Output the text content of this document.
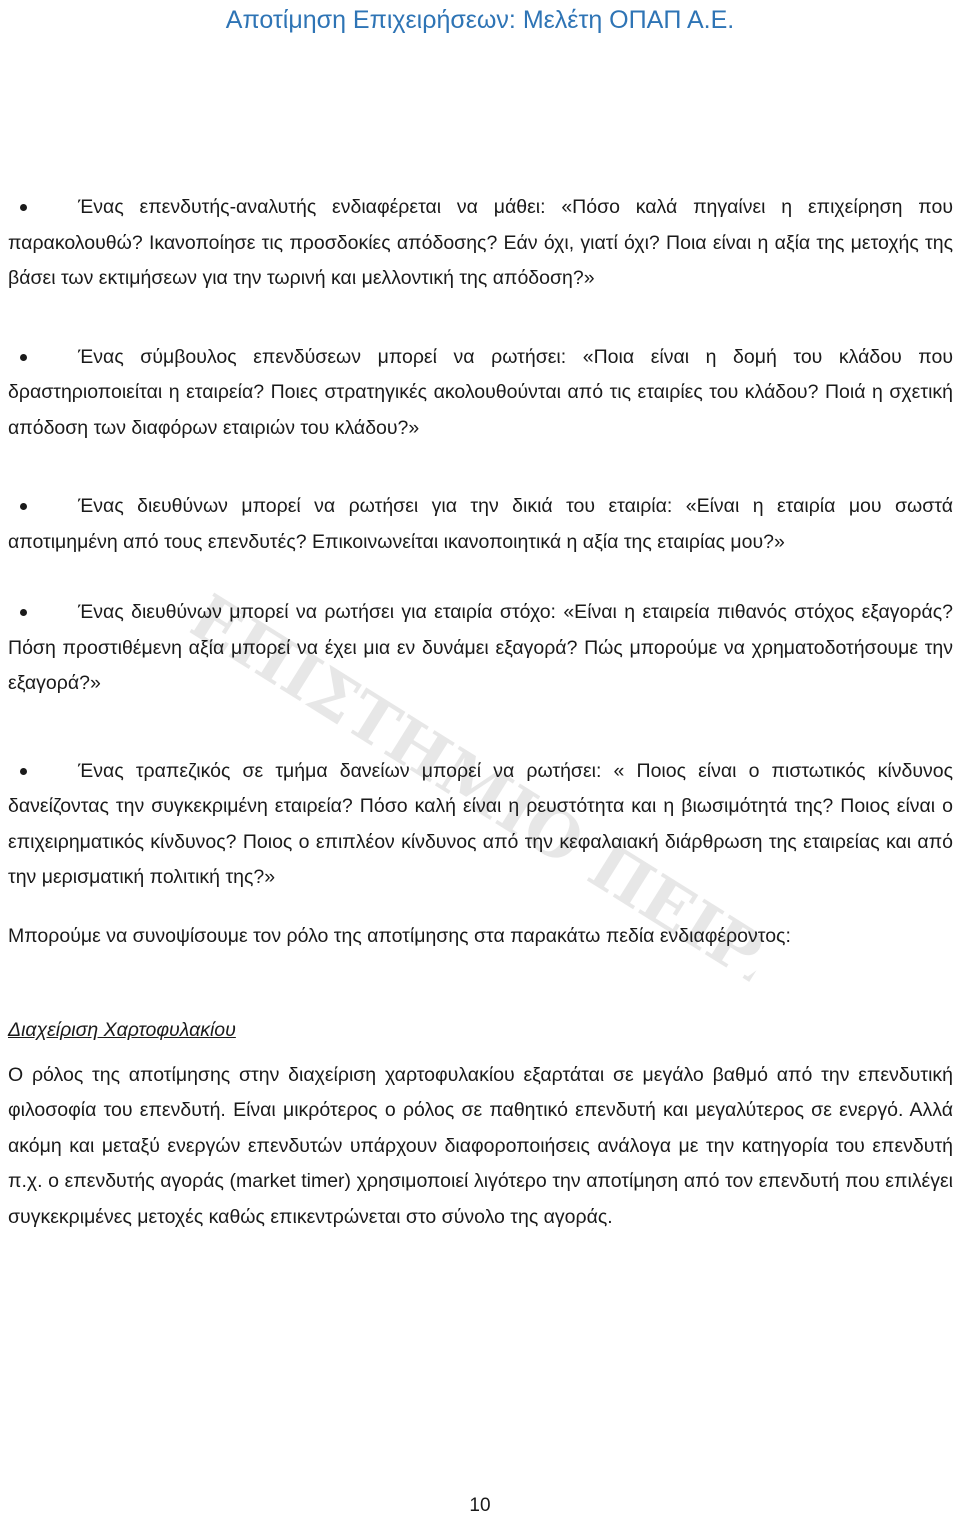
Αποτίμηση Επιχειρήσεων: Μελέτη ΟΠΑΠ Α.Ε.
ΠΑΝΕΠΙΣΤΗΜΙΟ ΠΕΙΡΑΙΩΣ

Ένας επενδυτής-αναλυτής ενδιαφέρεται να μάθει: «Πόσο καλά πηγαίνει η επιχείρηση που παρακολουθώ? Ικανοποίησε τις προσδοκίες απόδοσης? Εάν όχι, γιατί όχι? Ποια είναι η αξία της μετοχής της βάσει των εκτιμήσεων για την τωρινή και μελλοντική της απόδοση?»

Ένας σύμβουλος επενδύσεων μπορεί να ρωτήσει: «Ποια είναι η δομή του κλάδου που δραστηριοποιείται η εταιρεία? Ποιες στρατηγικές ακολουθούνται από τις εταιρίες του κλάδου? Ποιά η σχετική απόδοση των διαφόρων εταιριών του κλάδου?»

Ένας διευθύνων μπορεί να ρωτήσει για την δικιά του εταιρία: «Είναι η εταιρία μου σωστά αποτιμημένη από τους επενδυτές? Επικοινωνείται ικανοποιητικά η αξία της εταιρίας μου?»

Ένας διευθύνων μπορεί να ρωτήσει για εταιρία στόχο: «Είναι η εταιρεία πιθανός στόχος εξαγοράς? Πόση προστιθέμενη αξία μπορεί να έχει μια εν δυνάμει εξαγορά? Πώς μπορούμε να χρηματοδοτήσουμε την εξαγορά?»

Ένας τραπεζικός σε τμήμα δανείων μπορεί να ρωτήσει: « Ποιος είναι ο πιστωτικός κίνδυνος δανείζοντας την συγκεκριμένη εταιρεία? Πόσο καλή είναι η ρευστότητα και η βιωσιμότητά της? Ποιος είναι ο επιχειρηματικός κίνδυνος? Ποιος ο επιπλέον κίνδυνος από την κεφαλαιακή διάρθρωση της εταιρείας και από την μερισματική πολιτική της?»

Μπορούμε να συνοψίσουμε τον ρόλο της αποτίμησης στα παρακάτω πεδία ενδιαφέροντος:

Διαχείριση Χαρτοφυλακίου

Ο ρόλος της αποτίμησης στην διαχείριση χαρτοφυλακίου εξαρτάται σε μεγάλο βαθμό από την επενδυτική φιλοσοφία του επενδυτή. Είναι μικρότερος ο ρόλος σε παθητικό επενδυτή και μεγαλύτερος σε ενεργό. Αλλά ακόμη και μεταξύ ενεργών επενδυτών υπάρχουν διαφοροποιήσεις ανάλογα με την κατηγορία του επενδυτή π.χ. ο επενδυτής αγοράς (market timer) χρησιμοποιεί λιγότερο την αποτίμηση από τον επενδυτή που επιλέγει συγκεκριμένες μετοχές καθώς επικεντρώνεται στο σύνολο της αγοράς.

10
